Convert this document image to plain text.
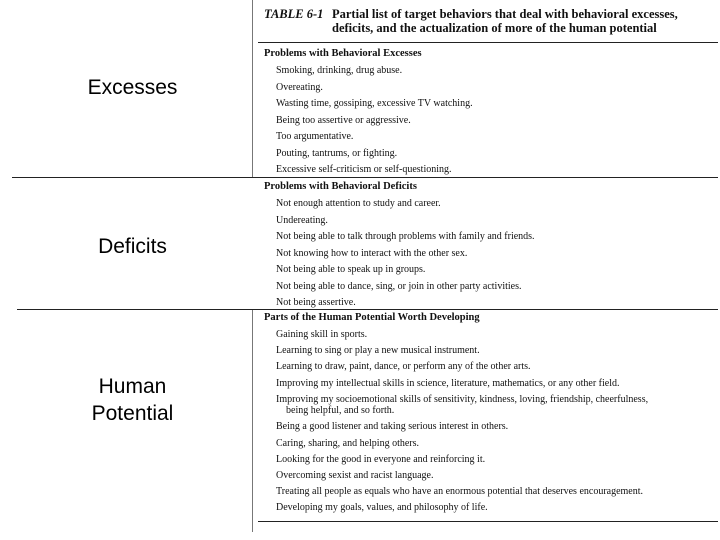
Excesses
Deficits
Human
Potential
TABLE 6-1 Partial list of target behaviors that deal with behavioral excesses, deficits, and the actualization of more of the human potential
Problems with Behavioral Excesses
Smoking, drinking, drug abuse.
Overeating.
Wasting time, gossiping, excessive TV watching.
Being too assertive or aggressive.
Too argumentative.
Pouting, tantrums, or fighting.
Excessive self-criticism or self-questioning.
Problems with Behavioral Deficits
Not enough attention to study and career.
Undereating.
Not being able to talk through problems with family and friends.
Not knowing how to interact with the other sex.
Not being able to speak up in groups.
Not being able to dance, sing, or join in other party activities.
Not being assertive.
Parts of the Human Potential Worth Developing
Gaining skill in sports.
Learning to sing or play a new musical instrument.
Learning to draw, paint, dance, or perform any of the other arts.
Improving my intellectual skills in science, literature, mathematics, or any other field.
Improving my socioemotional skills of sensitivity, kindness, loving, friendship, cheerfulness,
being helpful, and so forth.
Being a good listener and taking serious interest in others.
Caring, sharing, and helping others.
Looking for the good in everyone and reinforcing it.
Overcoming sexist and racist language.
Treating all people as equals who have an enormous potential that deserves encouragement.
Developing my goals, values, and philosophy of life.
